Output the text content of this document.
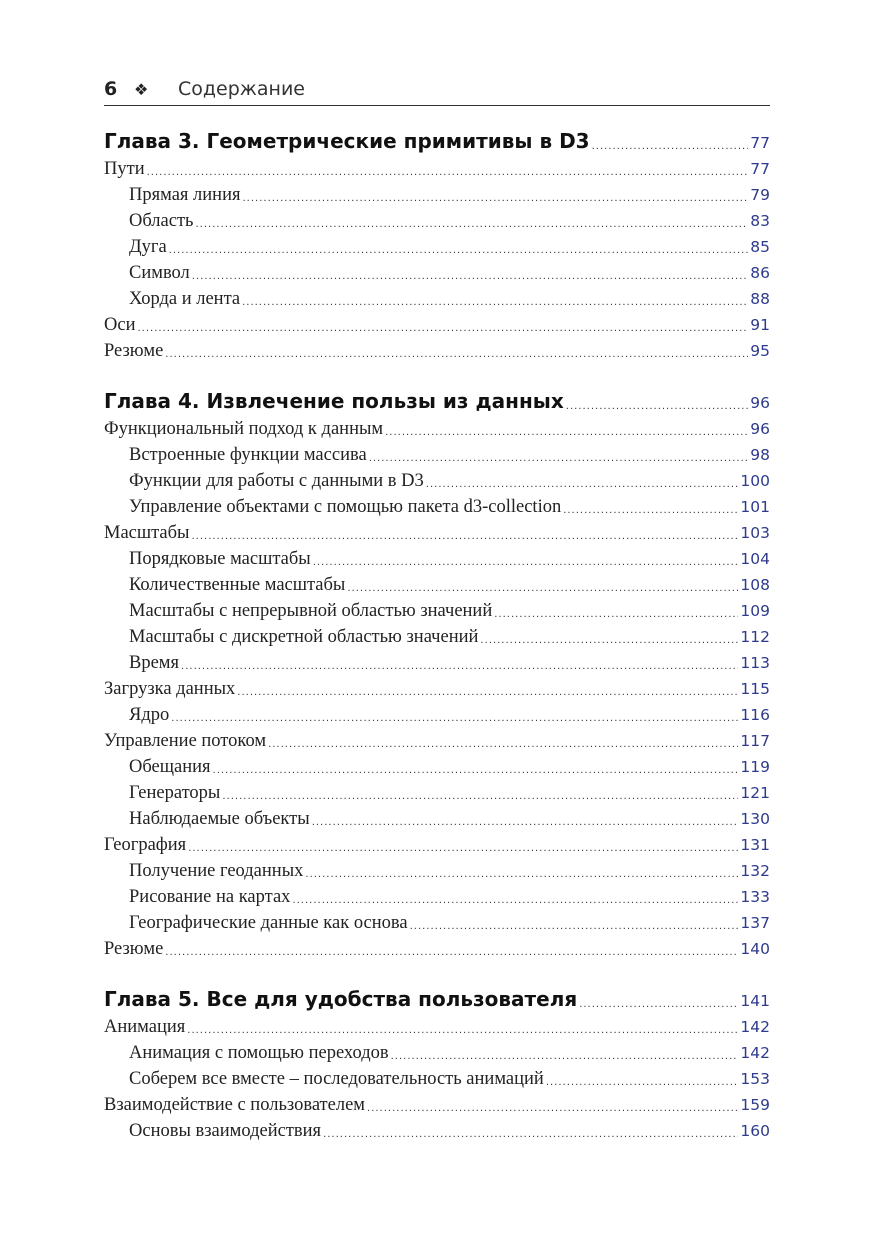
6	❖	Содержание
Глава 3. Геометрические примитивы в D3 .....	77
Пути .....	77
Прямая линия .....	79
Область .....	83
Дуга .....	85
Символ .....	86
Хорда и лента .....	88
Оси .....	91
Резюме .....	95
Глава 4. Извлечение пользы из данных .....	96
Функциональный подход к данным .....	96
Встроенные функции массива .....	98
Функции для работы с данными в D3 .....	100
Управление объектами с помощью пакета d3-collection .....	101
Масштабы .....	103
Порядковые масштабы .....	104
Количественные масштабы .....	108
Масштабы с непрерывной областью значений .....	109
Масштабы с дискретной областью значений .....	112
Время .....	113
Загрузка данных .....	115
Ядро .....	116
Управление потоком .....	117
Обещания .....	119
Генераторы .....	121
Наблюдаемые объекты .....	130
География .....	131
Получение геоданных .....	132
Рисование на картах .....	133
Географические данные как основа .....	137
Резюме .....	140
Глава 5. Все для удобства пользователя .....	141
Анимация .....	142
Анимация с помощью переходов .....	142
Соберем все вместе – последовательность анимаций .....	153
Взаимодействие с пользователем .....	159
Основы взаимодействия .....	160
